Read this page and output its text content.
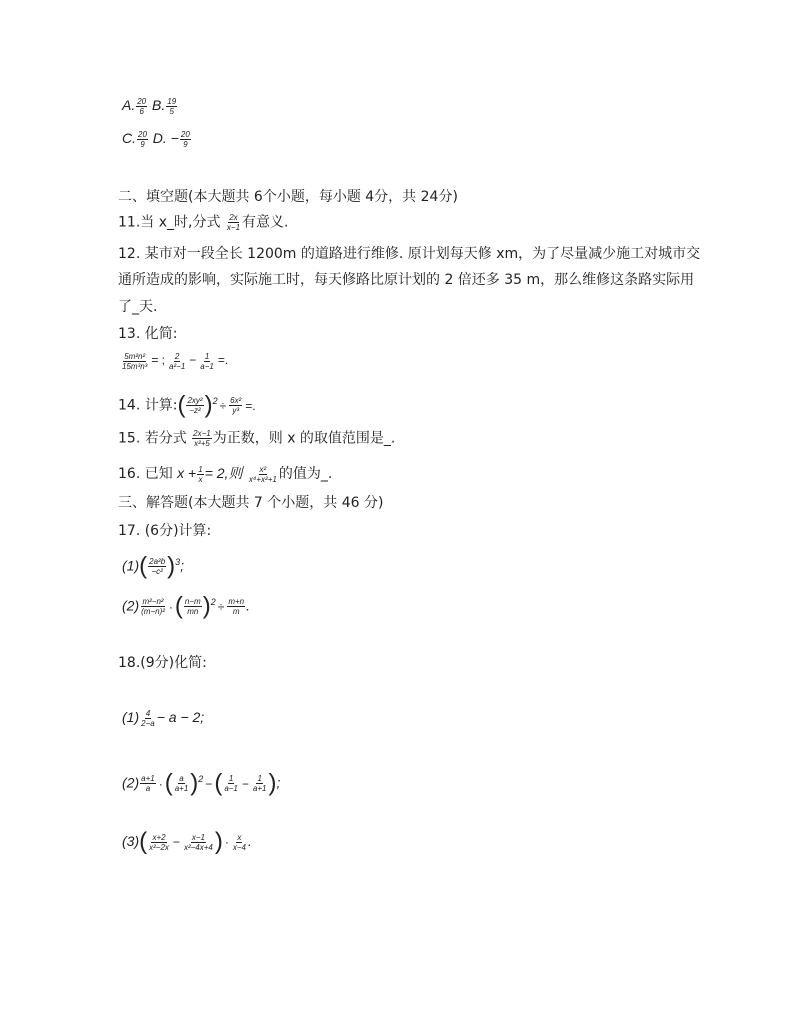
A. $\frac{20}{6} B$. $\frac{19}{5}$
C. $\frac{20}{9} D$. − $\frac{20}{9}$
二、填空题(本大题共 6个小题，每小题 4分，共 24分)
11.当 x_时,分式 $\frac{2x}{x-1}$ 有意义.
12. 某市对一段全长 1200m 的道路进行维修. 原计划每天修 xm，为了尽量减少施工对城市交
通所造成的影响，实际施工时，每天修路比原计划的 2 倍还多 35 m，那么维修这条路实际用
了_天.
13. 化简:
$\frac{\text{5m²n²}}{\text{15m³n³}}$ = ; $\frac{2}{\text{a²−1}} - \frac{1}{a-1}$ =.
14. 计算:( $\frac{\text{2xy²}}{\text{−z²}} )^2 \div \frac{\text{6x²}}{\text{y³}}$ =.
15. 若分式 $\frac{2x-1}{\text{x²+5}}$ 为正数，则 x 的取值范围是_.
16. 已知 $x + \frac{1}{x} = 2$,则 $\frac{\text{x²}}{\text{x⁴+x²+1}}$ 的值为_.
三、解答题(本大题共 7 个小题，共 46 分)
17. (6分)计算:
$(1)( \frac{\text{2a²b}}{\text{−c²}} )^3$;
$(2) \frac{\text{m²−n²}}{\text{(m−n)²}}$ ·( $\frac{n-m}{mn} )^2 \div \frac{m+n}{m}$ .
18.(9分)化简:
$(1) \frac{4}{2-a} - a - 2$;
$(2) \frac{a+1}{a}$ ·( $\frac{a}{a+1} )^2$ −( $\frac{1}{a-1} - \frac{1}{a+1}$ );
$(3)( \frac{x+2}{\text{x²−2x}} - \frac{x-1}{\text{x²−4x+4}}$ ) · $\frac{x}{x-4}$ .
